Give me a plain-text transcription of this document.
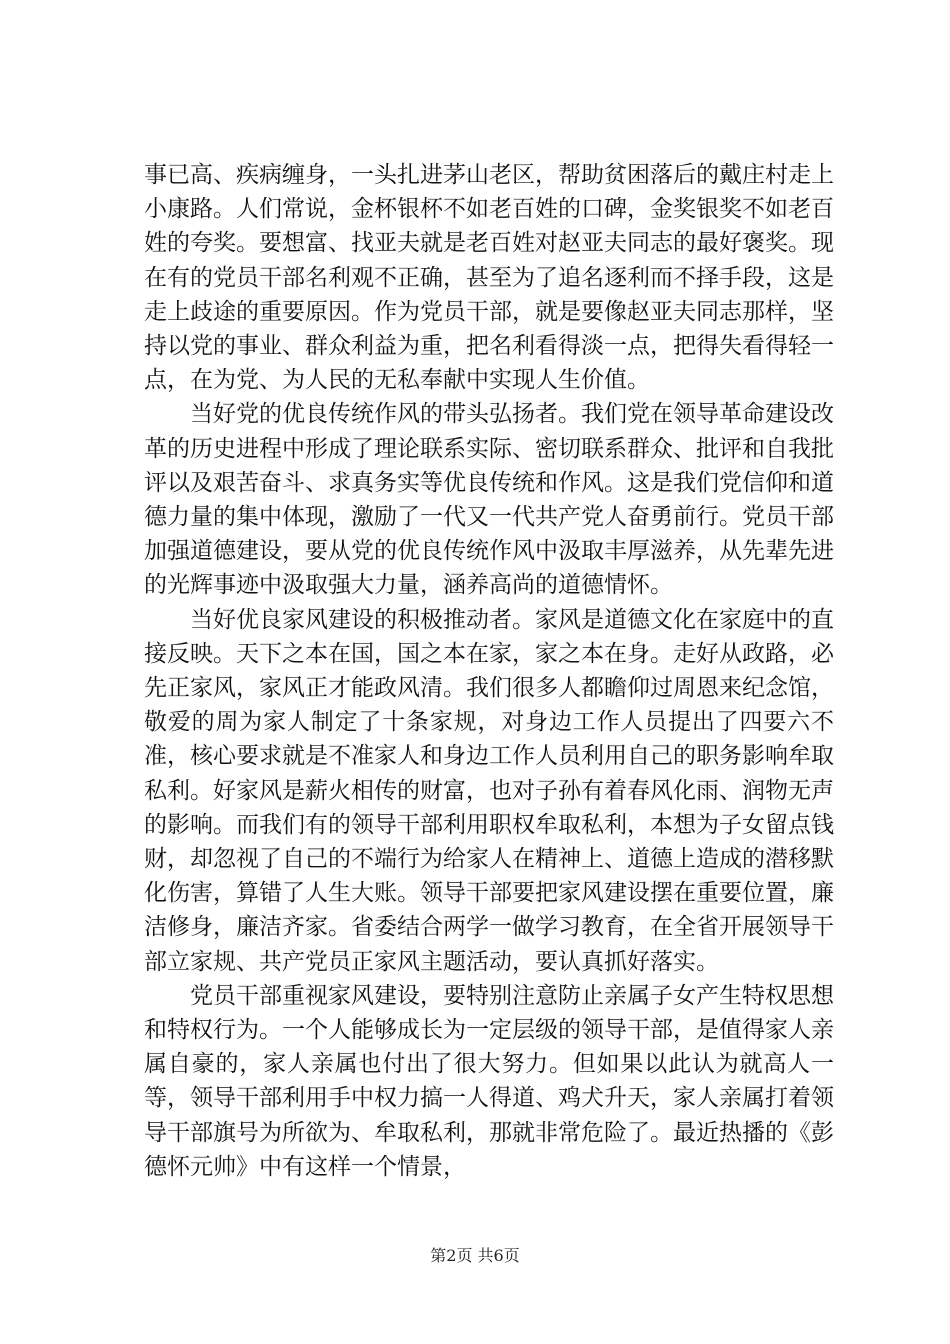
事已高、疾病缠身，一头扎进茅山老区，帮助贫困落后的戴庄村走上小康路。人们常说，金杯银杯不如老百姓的口碑，金奖银奖不如老百姓的夸奖。要想富、找亚夫就是老百姓对赵亚夫同志的最好褒奖。现在有的党员干部名利观不正确，甚至为了追名逐利而不择手段，这是走上歧途的重要原因。作为党员干部，就是要像赵亚夫同志那样，坚持以党的事业、群众利益为重，把名利看得淡一点，把得失看得轻一点，在为党、为人民的无私奉献中实现人生价值。

当好党的优良传统作风的带头弘扬者。我们党在领导革命建设改革的历史进程中形成了理论联系实际、密切联系群众、批评和自我批评以及艰苦奋斗、求真务实等优良传统和作风。这是我们党信仰和道德力量的集中体现，激励了一代又一代共产党人奋勇前行。党员干部加强道德建设，要从党的优良传统作风中汲取丰厚滋养，从先辈先进的光辉事迹中汲取强大力量，涵养高尚的道德情怀。

当好优良家风建设的积极推动者。家风是道德文化在家庭中的直接反映。天下之本在国，国之本在家，家之本在身。走好从政路，必先正家风，家风正才能政风清。我们很多人都瞻仰过周恩来纪念馆，敬爱的周为家人制定了十条家规，对身边工作人员提出了四要六不准，核心要求就是不准家人和身边工作人员利用自己的职务影响牟取私利。好家风是薪火相传的财富，也对子孙有着春风化雨、润物无声的影响。而我们有的领导干部利用职权牟取私利，本想为子女留点钱财，却忽视了自己的不端行为给家人在精神上、道德上造成的潜移默化伤害，算错了人生大账。领导干部要把家风建设摆在重要位置，廉洁修身，廉洁齐家。省委结合两学一做学习教育，在全省开展领导干部立家规、共产党员正家风主题活动，要认真抓好落实。

党员干部重视家风建设，要特别注意防止亲属子女产生特权思想和特权行为。一个人能够成长为一定层级的领导干部，是值得家人亲属自豪的，家人亲属也付出了很大努力。但如果以此认为就高人一等，领导干部利用手中权力搞一人得道、鸡犬升天，家人亲属打着领导干部旗号为所欲为、牟取私利，那就非常危险了。最近热播的《彭德怀元帅》中有这样一个情景，

第2页 共6页
